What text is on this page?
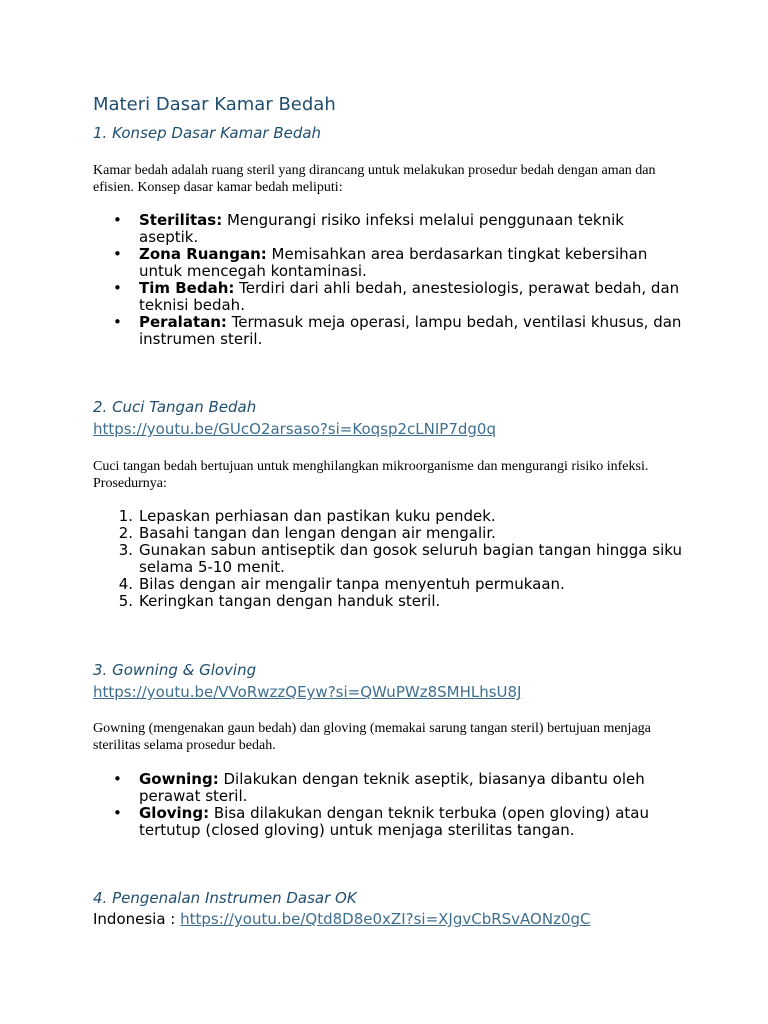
Materi Dasar Kamar Bedah
1. Konsep Dasar Kamar Bedah
Kamar bedah adalah ruang steril yang dirancang untuk melakukan prosedur bedah dengan aman dan efisien. Konsep dasar kamar bedah meliputi:
• Sterilitas: Mengurangi risiko infeksi melalui penggunaan teknik aseptik.
• Zona Ruangan: Memisahkan area berdasarkan tingkat kebersihan untuk mencegah kontaminasi.
• Tim Bedah: Terdiri dari ahli bedah, anestesiologis, perawat bedah, dan teknisi bedah.
• Peralatan: Termasuk meja operasi, lampu bedah, ventilasi khusus, dan instrumen steril.
2. Cuci Tangan Bedah
https://youtu.be/GUcO2arsaso?si=Koqsp2cLNIP7dg0q
Cuci tangan bedah bertujuan untuk menghilangkan mikroorganisme dan mengurangi risiko infeksi. Prosedurnya:
1. Lepaskan perhiasan dan pastikan kuku pendek.
2. Basahi tangan dan lengan dengan air mengalir.
3. Gunakan sabun antiseptik dan gosok seluruh bagian tangan hingga siku selama 5-10 menit.
4. Bilas dengan air mengalir tanpa menyentuh permukaan.
5. Keringkan tangan dengan handuk steril.
3. Gowning & Gloving
https://youtu.be/VVoRwzzQEyw?si=QWuPWz8SMHLhsU8J
Gowning (mengenakan gaun bedah) dan gloving (memakai sarung tangan steril) bertujuan menjaga sterilitas selama prosedur bedah.
• Gowning: Dilakukan dengan teknik aseptik, biasanya dibantu oleh perawat steril.
• Gloving: Bisa dilakukan dengan teknik terbuka (open gloving) atau tertutup (closed gloving) untuk menjaga sterilitas tangan.
4. Pengenalan Instrumen Dasar OK
Indonesia : https://youtu.be/Qtd8D8e0xZI?si=XJgvCbRSvAONz0gC
